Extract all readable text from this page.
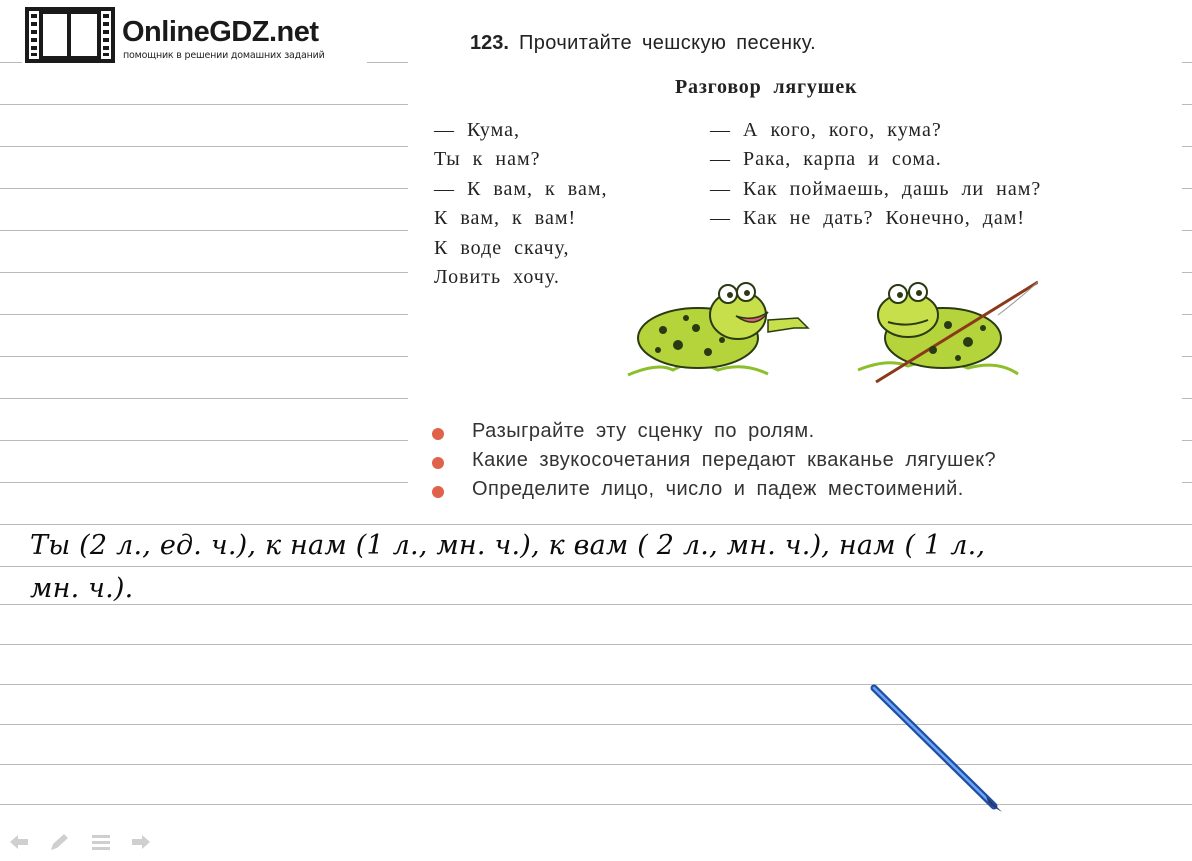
OnlineGDZ.net
помощник в решении домашних заданий
123. Прочитайте чешскую песенку.
Разговор лягушек
— Кума,
Ты к нам?
— К вам, к вам,
К вам, к вам!
К воде скачу,
Ловить хочу.
— А кого, кого, кума?
— Рака, карпа и сома.
— Как поймаешь, дашь ли нам?
— Как не дать? Конечно, дам!
Разыграйте эту сценку по ролям.
Какие звукосочетания передают кваканье лягушек?
Определите лицо, число и падеж местоимений.
Ты (2 л., ед. ч.), к нам (1 л., мн. ч.), к вам ( 2 л., мн. ч.), нам ( 1 л.,
мн. ч.).
